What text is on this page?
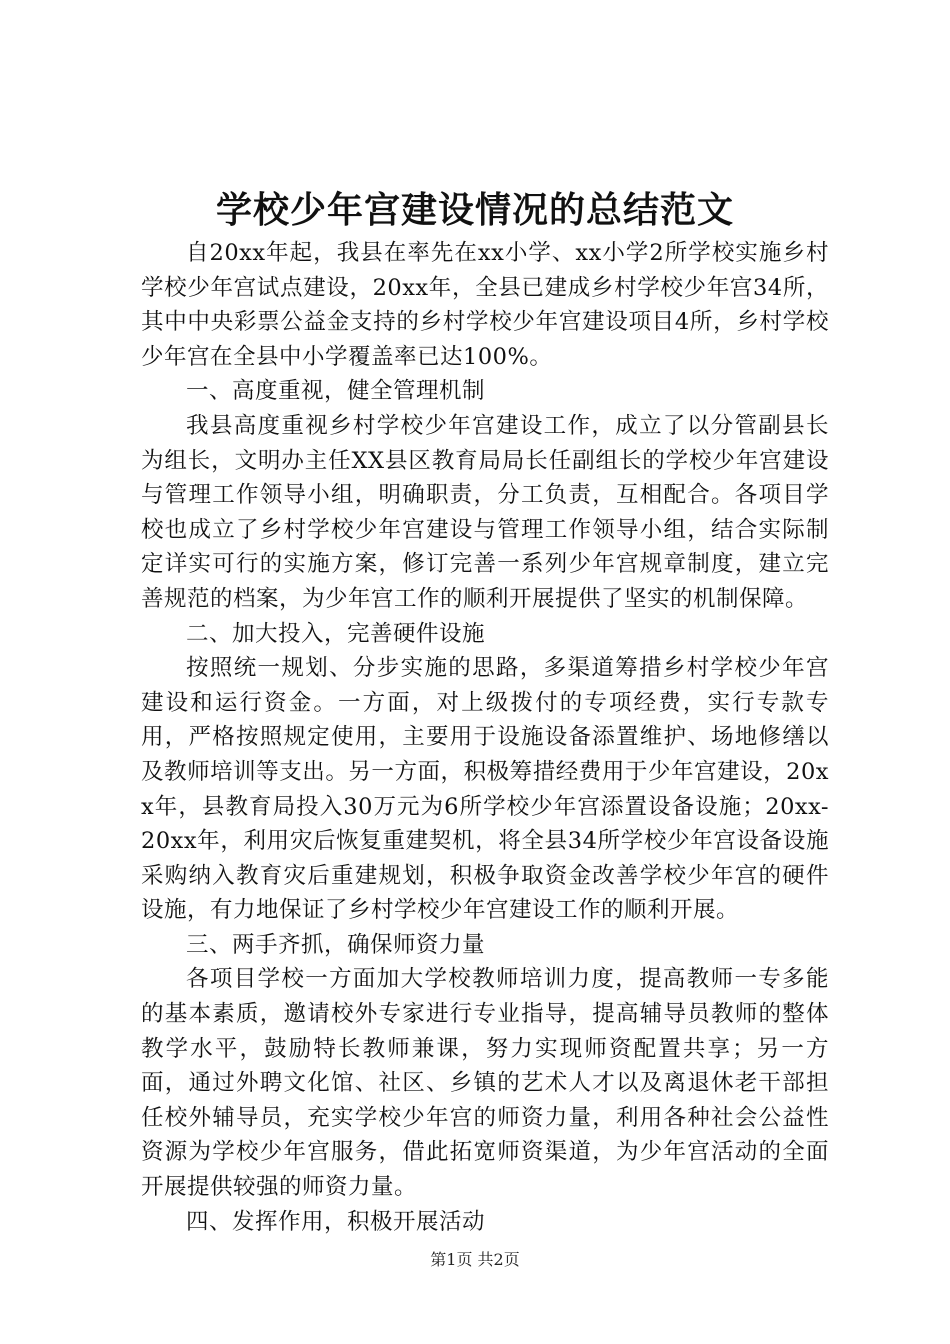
学校少年宫建设情况的总结范文

自20xx年起，我县在率先在xx小学、xx小学2所学校实施乡村学校少年宫试点建设，20xx年，全县已建成乡村学校少年宫34所，其中中央彩票公益金支持的乡村学校少年宫建设项目4所，乡村学校少年宫在全县中小学覆盖率已达100%。

一、高度重视，健全管理机制

我县高度重视乡村学校少年宫建设工作，成立了以分管副县长为组长，文明办主任XX县区教育局局长任副组长的学校少年宫建设与管理工作领导小组，明确职责，分工负责，互相配合。各项目学校也成立了乡村学校少年宫建设与管理工作领导小组，结合实际制定详实可行的实施方案，修订完善一系列少年宫规章制度，建立完善规范的档案，为少年宫工作的顺利开展提供了坚实的机制保障。

二、加大投入，完善硬件设施

按照统一规划、分步实施的思路，多渠道筹措乡村学校少年宫建设和运行资金。一方面，对上级拨付的专项经费，实行专款专用，严格按照规定使用，主要用于设施设备添置维护、场地修缮以及教师培训等支出。另一方面，积极筹措经费用于少年宫建设，20xx年，县教育局投入30万元为6所学校少年宫添置设备设施；20xx-20xx年，利用灾后恢复重建契机，将全县34所学校少年宫设备设施采购纳入教育灾后重建规划，积极争取资金改善学校少年宫的硬件设施，有力地保证了乡村学校少年宫建设工作的顺利开展。

三、两手齐抓，确保师资力量

各项目学校一方面加大学校教师培训力度，提高教师一专多能的基本素质，邀请校外专家进行专业指导，提高辅导员教师的整体教学水平，鼓励特长教师兼课，努力实现师资配置共享；另一方面，通过外聘文化馆、社区、乡镇的艺术人才以及离退休老干部担任校外辅导员，充实学校少年宫的师资力量，利用各种社会公益性资源为学校少年宫服务，借此拓宽师资渠道，为少年宫活动的全面开展提供较强的师资力量。

四、发挥作用，积极开展活动

第1页 共2页
